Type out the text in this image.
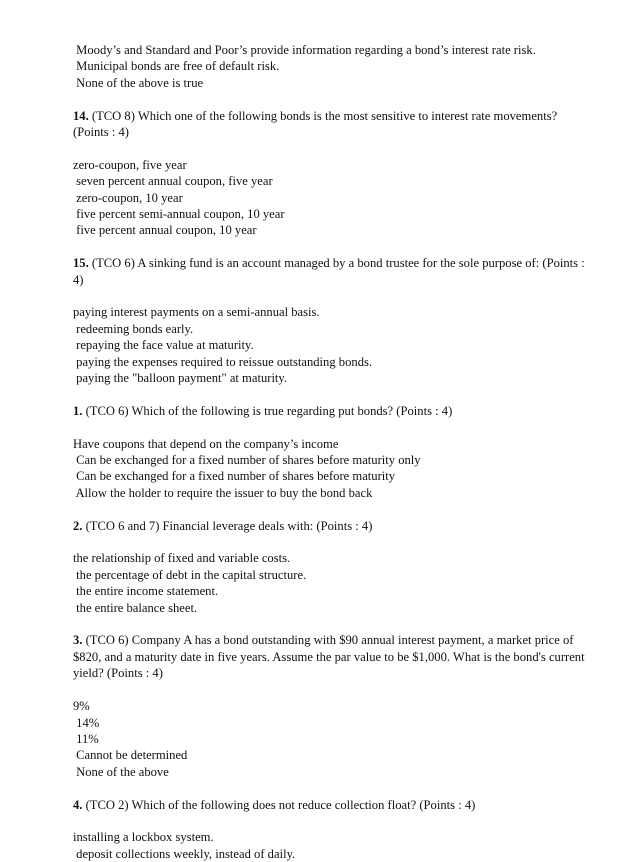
Moody’s and Standard and Poor’s provide information regarding a bond’s interest rate risk.

Municipal bonds are free of default risk.

None of the above is true

14. (TCO 8) Which one of the following bonds is the most sensitive to interest rate movements? (Points : 4)

zero-coupon, five year

seven percent annual coupon, five year

zero-coupon, 10 year

five percent semi-annual coupon, 10 year

five percent annual coupon, 10 year

15. (TCO 6) A sinking fund is an account managed by a bond trustee for the sole purpose of: (Points : 4)

paying interest payments on a semi-annual basis.

redeeming bonds early.

repaying the face value at maturity.

paying the expenses required to reissue outstanding bonds.

paying the "balloon payment" at maturity.

1. (TCO 6) Which of the following is true regarding put bonds? (Points : 4)

Have coupons that depend on the company’s income

Can be exchanged for a fixed number of shares before maturity only

Can be exchanged for a fixed number of shares before maturity

Allow the holder to require the issuer to buy the bond back

2. (TCO 6 and 7) Financial leverage deals with: (Points : 4)

the relationship of fixed and variable costs.

the percentage of debt in the capital structure.

the entire income statement.

the entire balance sheet.

3. (TCO 6) Company A has a bond outstanding with $90 annual interest payment, a market price of $820, and a maturity date in five years. Assume the par value to be $1,000. What is the bond's current yield? (Points : 4)

9%

14%

11%

Cannot be determined

None of the above

4. (TCO 2) Which of the following does not reduce collection float? (Points : 4)

installing a lockbox system.

deposit collections weekly, instead of daily.
